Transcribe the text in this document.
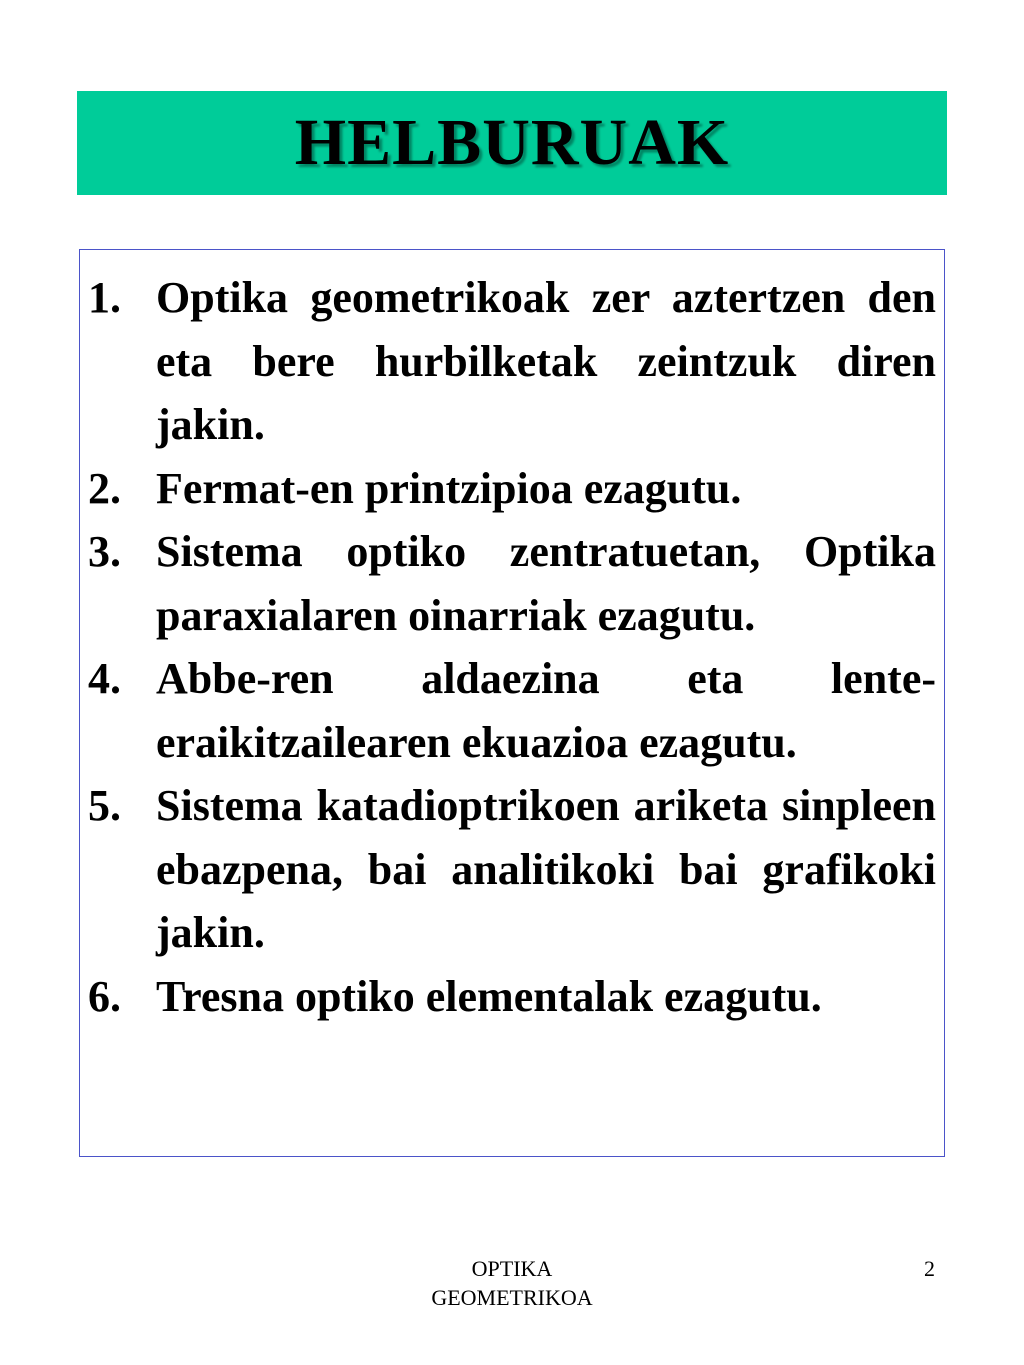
HELBURUAK
1. Optika geometrikoak zer aztertzen den eta bere hurbilketak zeintzuk diren jakin.
2. Fermat-en printzipioa ezagutu.
3. Sistema optiko zentratuetan, Optika paraxialaren oinarriak ezagutu.
4. Abbe-ren aldaezina eta lente-eraikitzailearen ekuazioa ezagutu.
5. Sistema katadioptrikoen ariketa sinpleen ebazpena, bai analitikoki bai grafikoki jakin.
6. Tresna optiko elementalak ezagutu.
OPTIKA
GEOMETRIKOA
2
